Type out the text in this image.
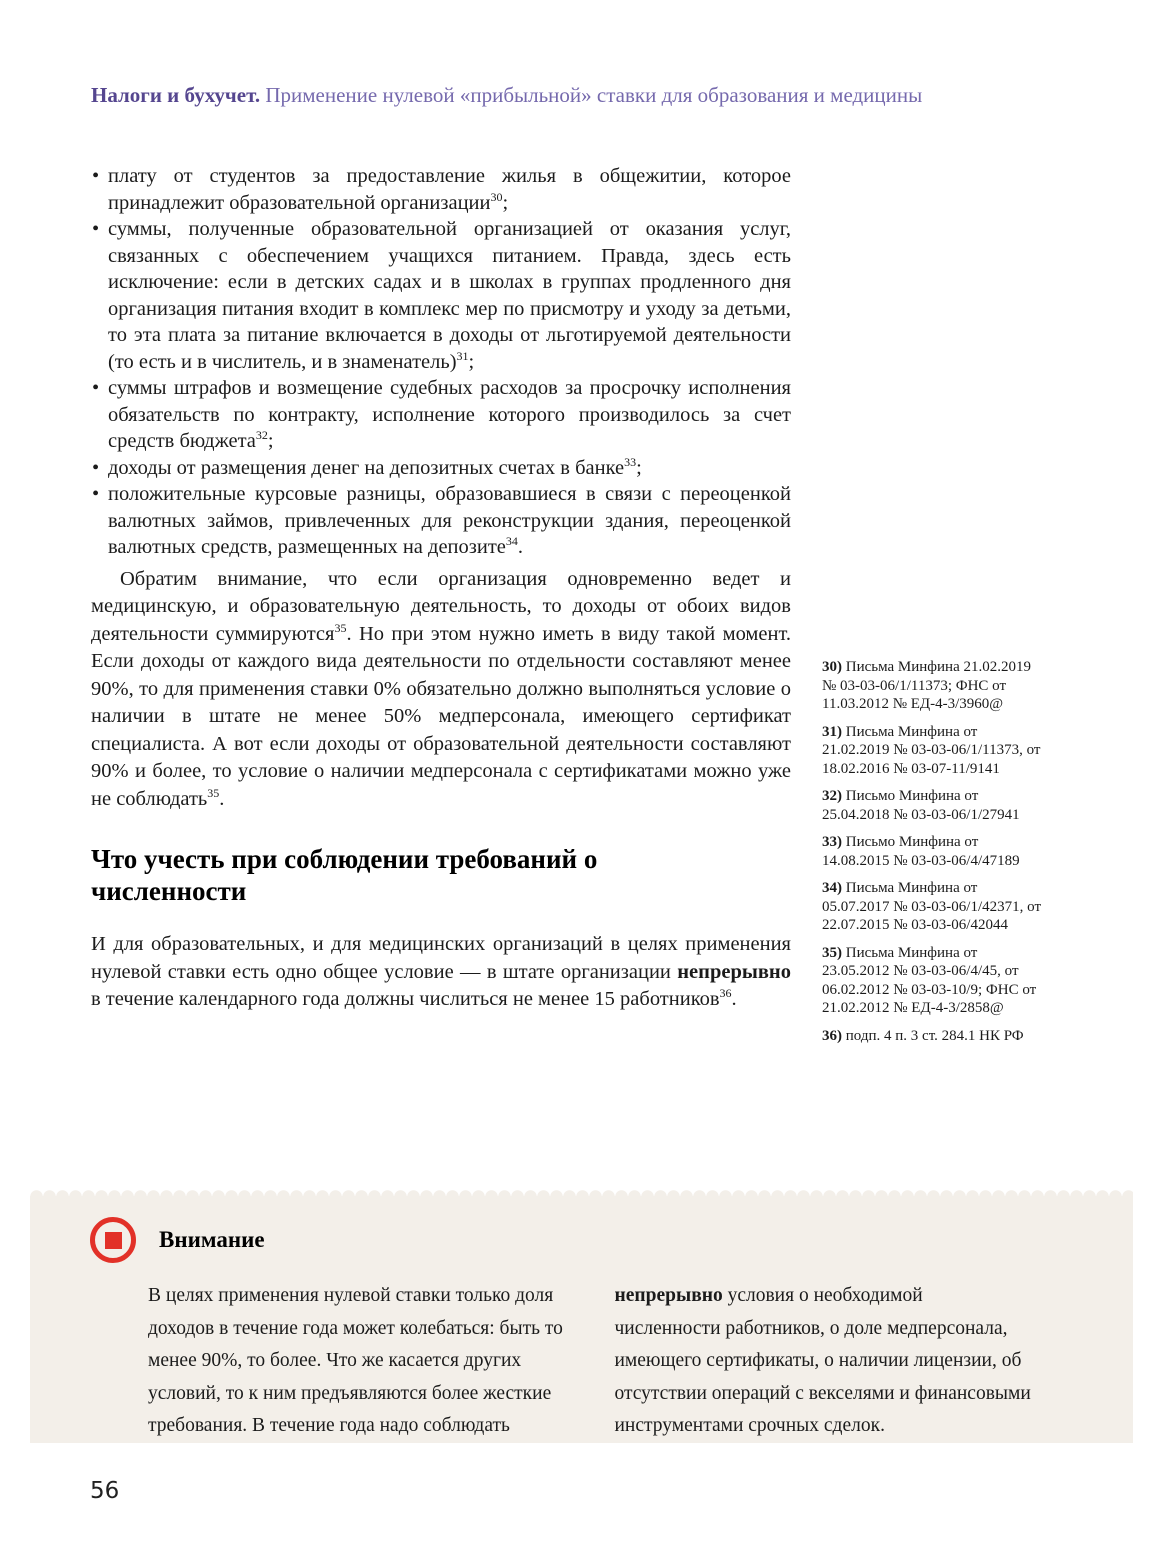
Налоги и бухучет. Применение нулевой «прибыльной» ставки для образования и медицины
• плату от студентов за предоставление жилья в общежитии, которое принадлежит образовательной организации$^{30}$;
• суммы, полученные образовательной организацией от оказания услуг, связанных с обеспечением учащихся питанием. Правда, здесь есть исключение: если в детских садах и в школах в группах продленного дня организация питания входит в комплекс мер по присмотру и уходу за детьми, то эта плата за питание включается в доходы от льготируемой деятельности (то есть и в числитель, и в знаменатель)$^{31}$;
• суммы штрафов и возмещение судебных расходов за просрочку исполнения обязательств по контракту, исполнение которого производилось за счет средств бюджета$^{32}$;
• доходы от размещения денег на депозитных счетах в банке$^{33}$;
• положительные курсовые разницы, образовавшиеся в связи с переоценкой валютных займов, привлеченных для реконструкции здания, переоценкой валютных средств, размещенных на депозите$^{34}$.

Обратим внимание, что если организация одновременно ведет и медицинскую, и образовательную деятельность, то доходы от обоих видов деятельности суммируются$^{35}$. Но при этом нужно иметь в виду такой момент. Если доходы от каждого вида деятельности по отдельности составляют менее 90%, то для применения ставки 0% обязательно должно выполняться условие о наличии в штате не менее 50% медперсонала, имеющего сертификат специалиста. А вот если доходы от образовательной деятельности составляют 90% и более, то условие о наличии медперсонала с сертификатами можно уже не соблюдать$^{35}$.

Что учесть при соблюдении требований о численности

И для образовательных, и для медицинских организаций в целях применения нулевой ставки есть одно общее условие — в штате организации непрерывно в течение календарного года должны числиться не менее 15 работников$^{36}$.

30) Письма Минфина 21.02.2019 № 03-03-06/1/11373; ФНС от 11.03.2012 № ЕД-4-3/3960@
31) Письма Минфина от 21.02.2019 № 03-03-06/1/11373, от 18.02.2016 № 03-07-11/9141
32) Письмо Минфина от 25.04.2018 № 03-03-06/1/27941
33) Письмо Минфина от 14.08.2015 № 03-03-06/4/47189
34) Письма Минфина от 05.07.2017 № 03-03-06/1/42371, от 22.07.2015 № 03-03-06/42044
35) Письма Минфина от 23.05.2012 № 03-03-06/4/45, от 06.02.2012 № 03-03-10/9; ФНС от 21.02.2012 № ЕД-4-3/2858@
36) подп. 4 п. 3 ст. 284.1 НК РФ
Внимание

В целях применения нулевой ставки только доля доходов в течение года может колебаться: быть то менее 90%, то более. Что же касается других условий, то к ним предъявляются более жесткие требования. В течение года надо соблюдать

непрерывно условия о необходимой численности работников, о доле медперсонала, имеющего сертификаты, о наличии лицензии, об отсутствии операций с векселями и финансовыми инструментами срочных сделок.

56
